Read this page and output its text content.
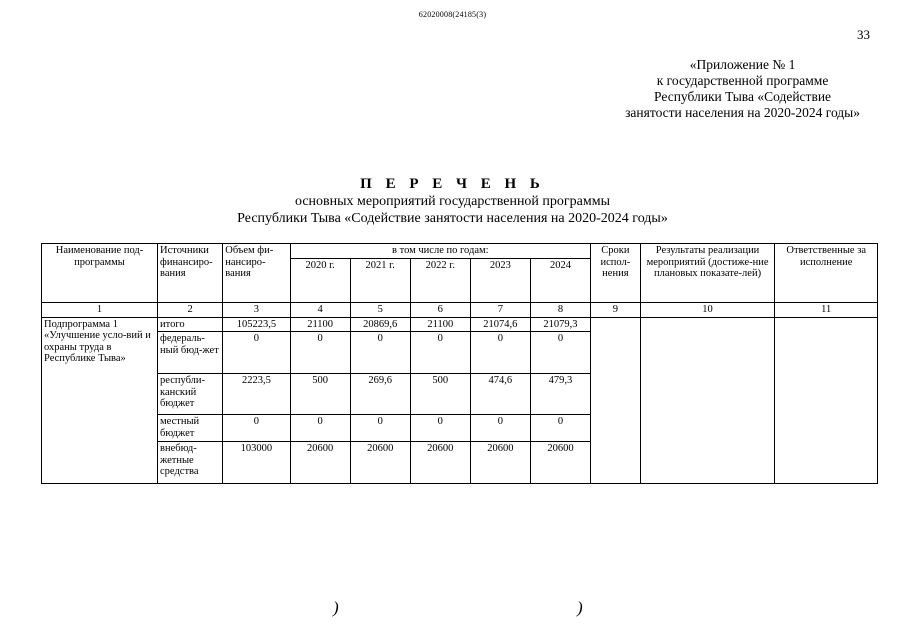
62020008(24185(3)
33
«Приложение № 1
к государственной программе
Республики Тыва «Содействие
занятости населения на 2020-2024 годы»
П Е Р Е Ч Е Н Ь
основных мероприятий государственной программы
Республики Тыва «Содействие занятости населения на 2020-2024 годы»
Наименование под-программы	Источники финансиро-вания	Объем фи-нансиро-вания	в том числе по годам:					Сроки испол-нения	Результаты реализации мероприятий (достиже-ние плановых показате-лей)	Ответственные за исполнение
			2020 г.	2021 г.	2022 г.	2023	2024			
1	2	3	4	5	6	7	8	9	10	11
Подпрограмма 1 «Улучшение усло-вий и охраны труда в Республике Тыва»	итого	105223,5	21100	20869,6	21100	21074,6	21079,3			
	федераль-ный бюд-жет	0	0	0	0	0	0			
	республи-канский бюджет	2223,5	500	269,6	500	474,6	479,3			
	местный бюджет	0	0	0	0	0	0			
	внебюд-жетные средства	103000	20600	20600	20600	20600	20600			
)	)
